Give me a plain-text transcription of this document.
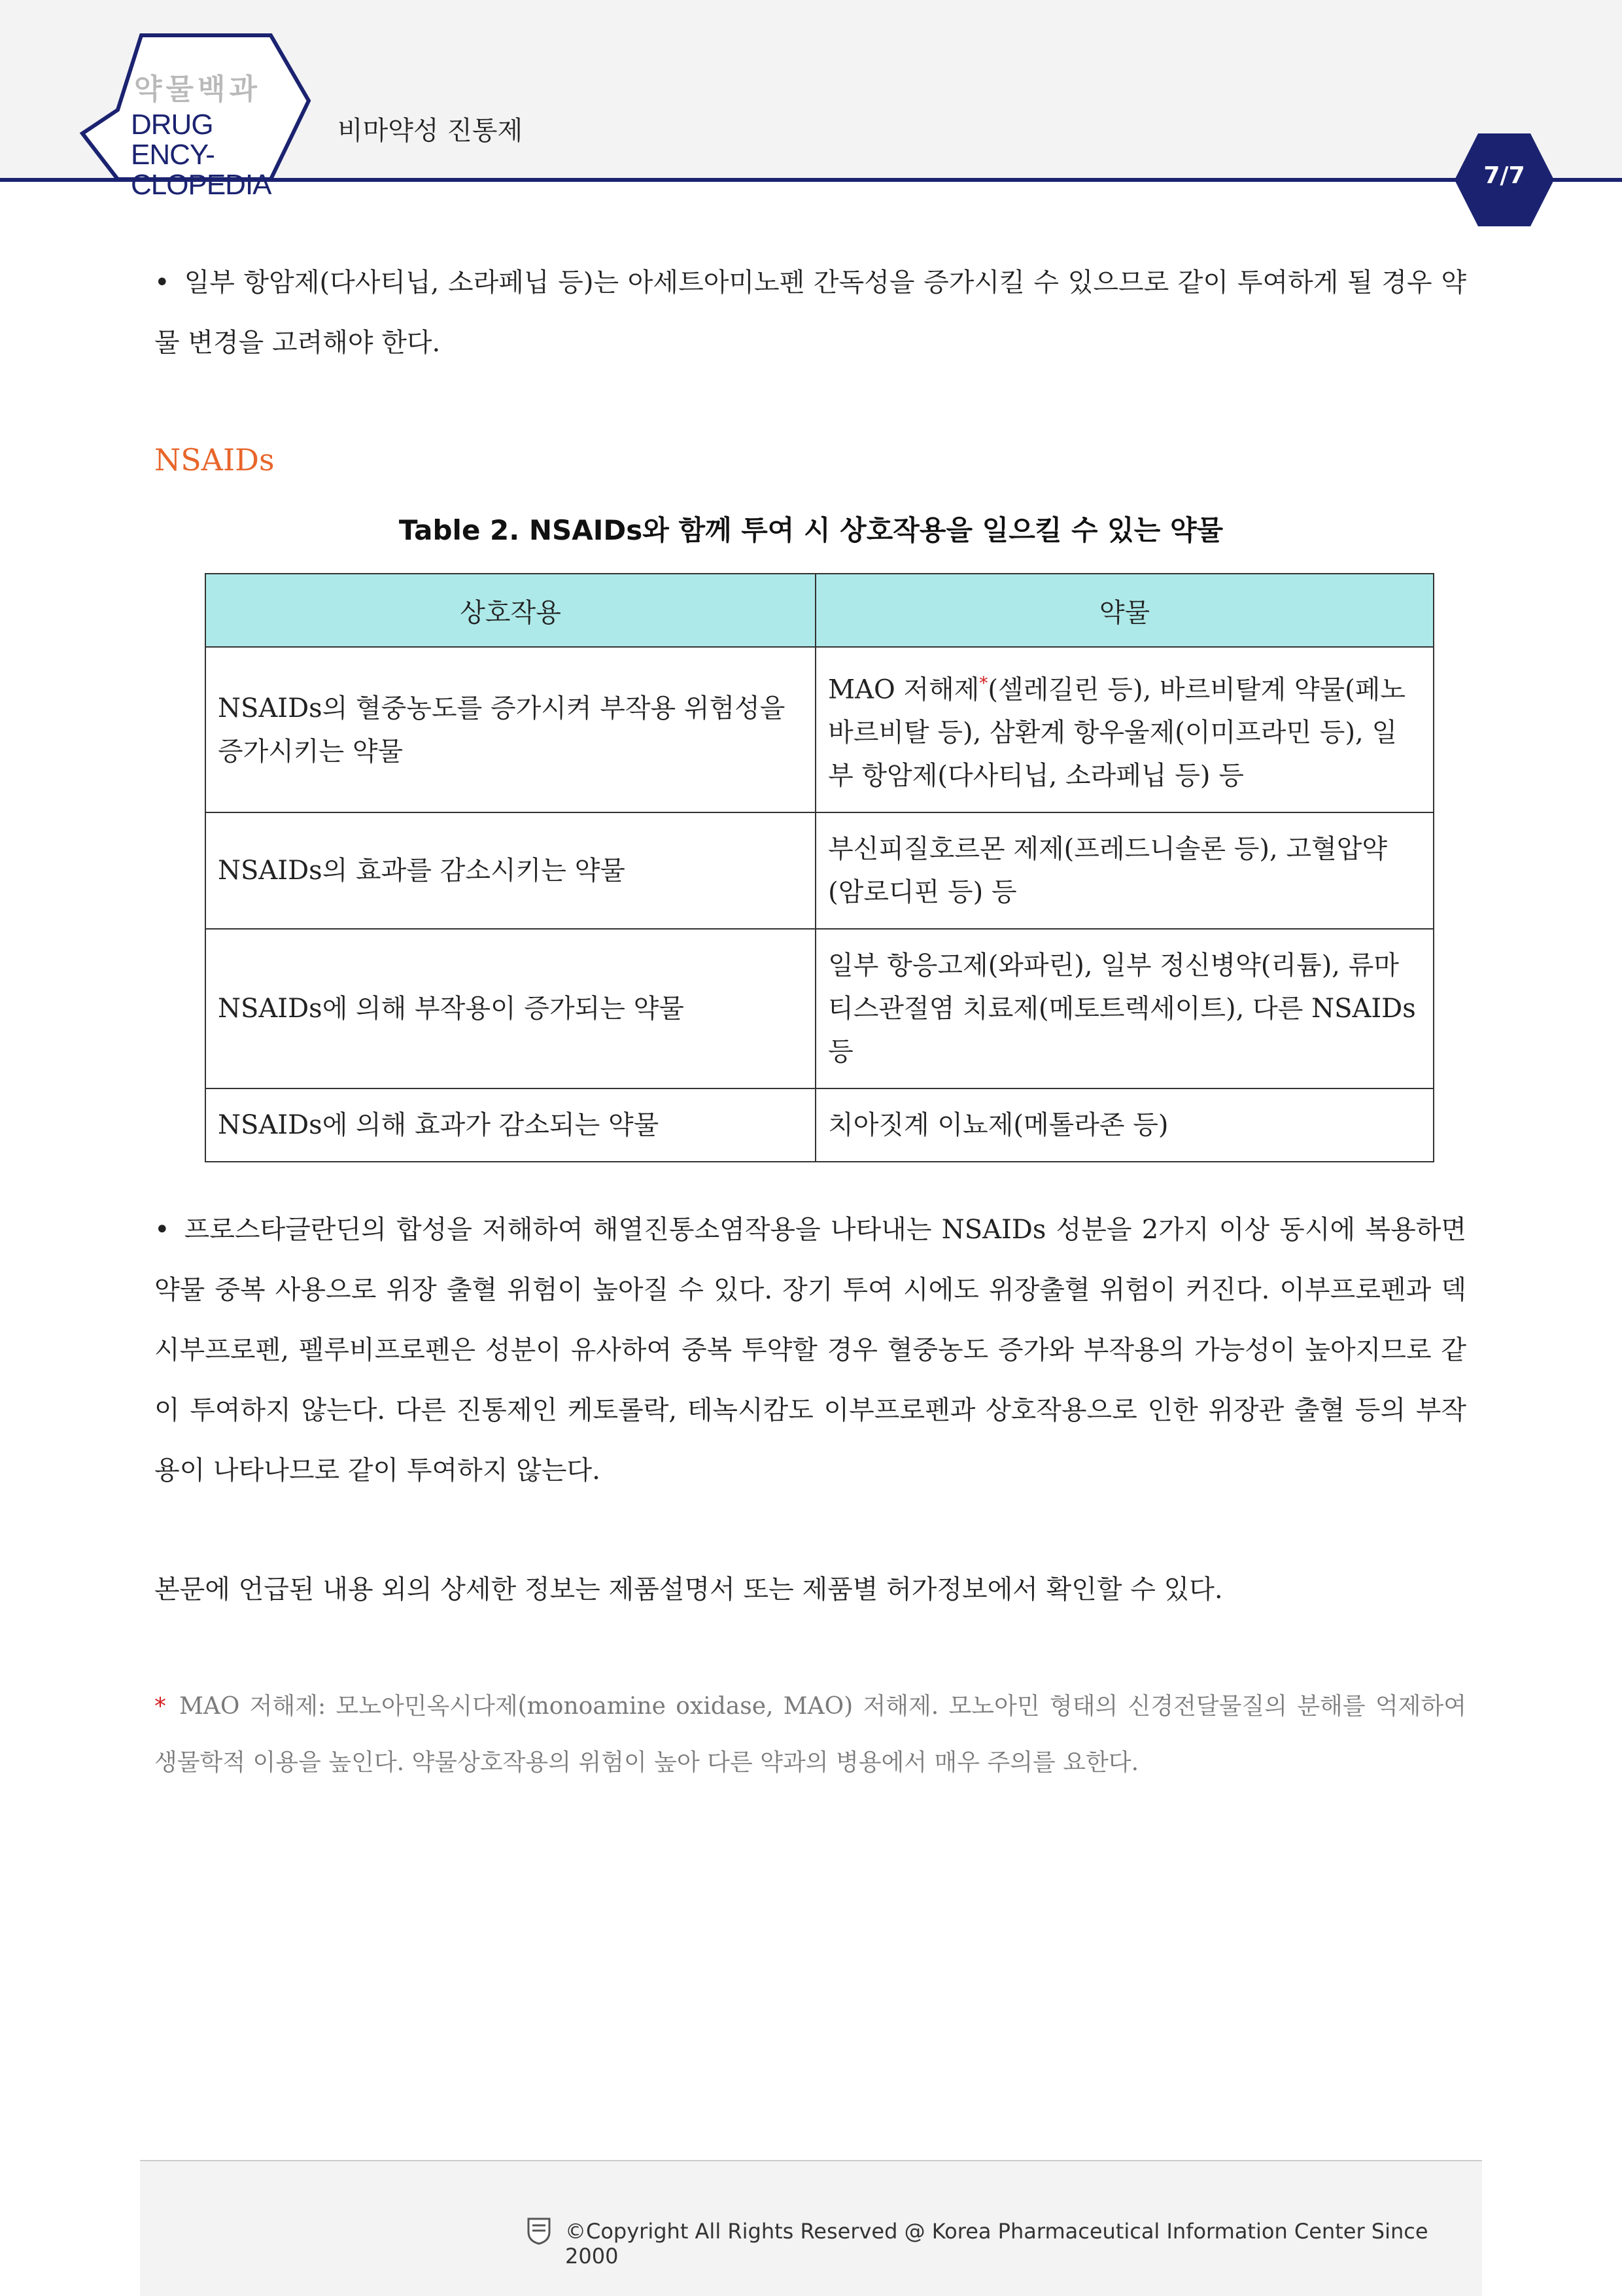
약물백과
DRUG ENCY-
CLOPEDIA
비마약성 진통제
7/7
• 일부 항암제(다사티닙, 소라페닙 등)는 아세트아미노펜 간독성을 증가시킬 수 있으므로 같이 투여하게 될 경우 약물 변경을 고려해야 한다.
NSAIDs
Table 2. NSAIDs와 함께 투여 시 상호작용을 일으킬 수 있는 약물
상호작용	약물
NSAIDs의 혈중농도를 증가시켜 부작용 위험성을 증가시키는 약물	MAO 저해제*(셀레길린 등), 바르비탈계 약물(페노바르비탈 등), 삼환계 항우울제(이미프라민 등), 일부 항암제(다사티닙, 소라페닙 등) 등
NSAIDs의 효과를 감소시키는 약물	부신피질호르몬 제제(프레드니솔론 등), 고혈압약(암로디핀 등) 등
NSAIDs에 의해 부작용이 증가되는 약물	일부 항응고제(와파린), 일부 정신병약(리튬), 류마티스관절염 치료제(메토트렉세이트), 다른 NSAIDs 등
NSAIDs에 의해 효과가 감소되는 약물	치아짓계 이뇨제(메톨라존 등)
• 프로스타글란딘의 합성을 저해하여 해열진통소염작용을 나타내는 NSAIDs 성분을 2가지 이상 동시에 복용하면 약물 중복 사용으로 위장 출혈 위험이 높아질 수 있다. 장기 투여 시에도 위장출혈 위험이 커진다. 이부프로펜과 덱시부프로펜, 펠루비프로펜은 성분이 유사하여 중복 투약할 경우 혈중농도 증가와 부작용의 가능성이 높아지므로 같이 투여하지 않는다. 다른 진통제인 케토롤락, 테녹시캄도 이부프로펜과 상호작용으로 인한 위장관 출혈 등의 부작용이 나타나므로 같이 투여하지 않는다.
본문에 언급된 내용 외의 상세한 정보는 제품설명서 또는 제품별 허가정보에서 확인할 수 있다.
* MAO 저해제: 모노아민옥시다제(monoamine oxidase, MAO) 저해제. 모노아민 형태의 신경전달물질의 분해를 억제하여 생물학적 이용을 높인다. 약물상호작용의 위험이 높아 다른 약과의 병용에서 매우 주의를 요한다.
©Copyright All Rights Reserved @ Korea Pharmaceutical Information Center Since 2000
